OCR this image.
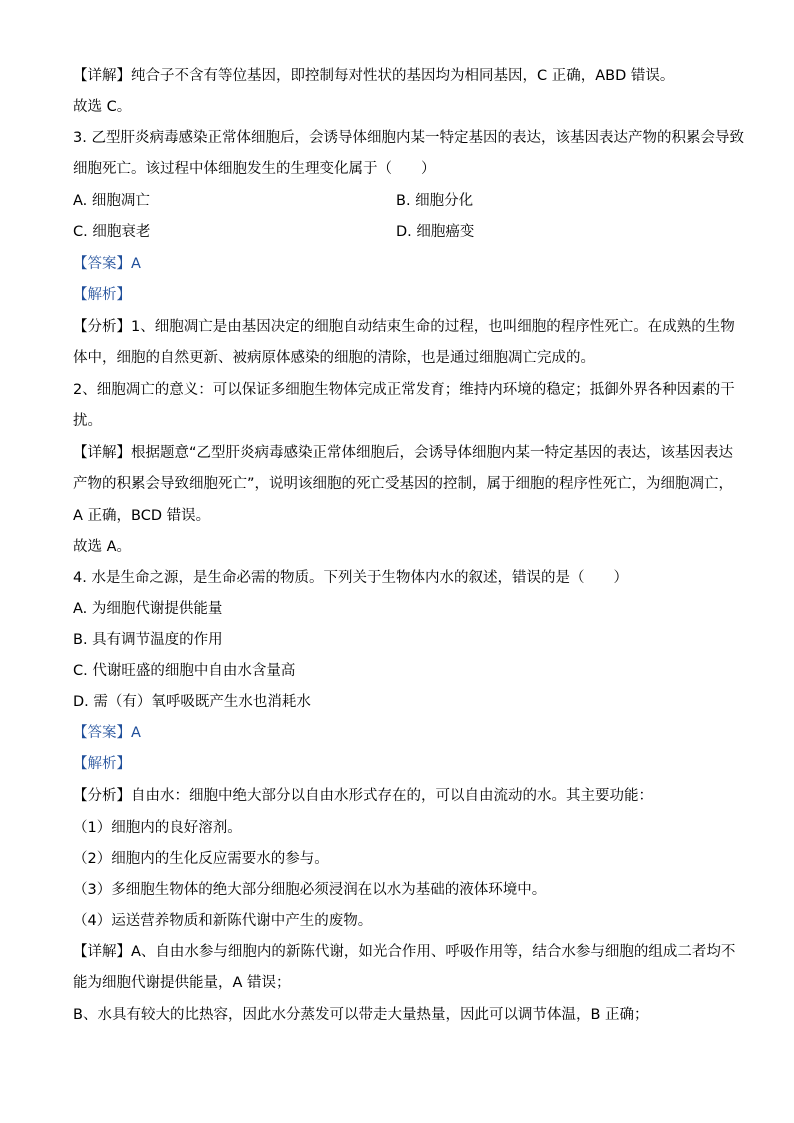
【详解】纯合子不含有等位基因，即控制每对性状的基因均为相同基因，C 正确，ABD 错误。
故选 C。
3. 乙型肝炎病毒感染正常体细胞后，会诱导体细胞内某一特定基因的表达，该基因表达产物的积累会导致
细胞死亡。该过程中体细胞发生的生理变化属于（　　）
A. 细胞凋亡	B. 细胞分化
C. 细胞衰老	D. 细胞癌变
【答案】A
【解析】
【分析】1、细胞凋亡是由基因决定的细胞自动结束生命的过程，也叫细胞的程序性死亡。在成熟的生物
体中，细胞的自然更新、被病原体感染的细胞的清除，也是通过细胞凋亡完成的。
2、细胞凋亡的意义：可以保证多细胞生物体完成正常发育；维持内环境的稳定；抵御外界各种因素的干
扰。
【详解】根据题意“乙型肝炎病毒感染正常体细胞后，会诱导体细胞内某一特定基因的表达，该基因表达
产物的积累会导致细胞死亡”，说明该细胞的死亡受基因的控制，属于细胞的程序性死亡，为细胞凋亡，
A 正确，BCD 错误。
故选 A。
4. 水是生命之源，是生命必需的物质。下列关于生物体内水的叙述，错误的是（　　）
A. 为细胞代谢提供能量
B. 具有调节温度的作用
C. 代谢旺盛的细胞中自由水含量高
D. 需（有）氧呼吸既产生水也消耗水
【答案】A
【解析】
【分析】自由水：细胞中绝大部分以自由水形式存在的，可以自由流动的水。其主要功能：
（1）细胞内的良好溶剂。
（2）细胞内的生化反应需要水的参与。
（3）多细胞生物体的绝大部分细胞必须浸润在以水为基础的液体环境中。
（4）运送营养物质和新陈代谢中产生的废物。
【详解】A、自由水参与细胞内的新陈代谢，如光合作用、呼吸作用等，结合水参与细胞的组成二者均不
能为细胞代谢提供能量，A 错误；
B、水具有较大的比热容，因此水分蒸发可以带走大量热量，因此可以调节体温，B 正确；
